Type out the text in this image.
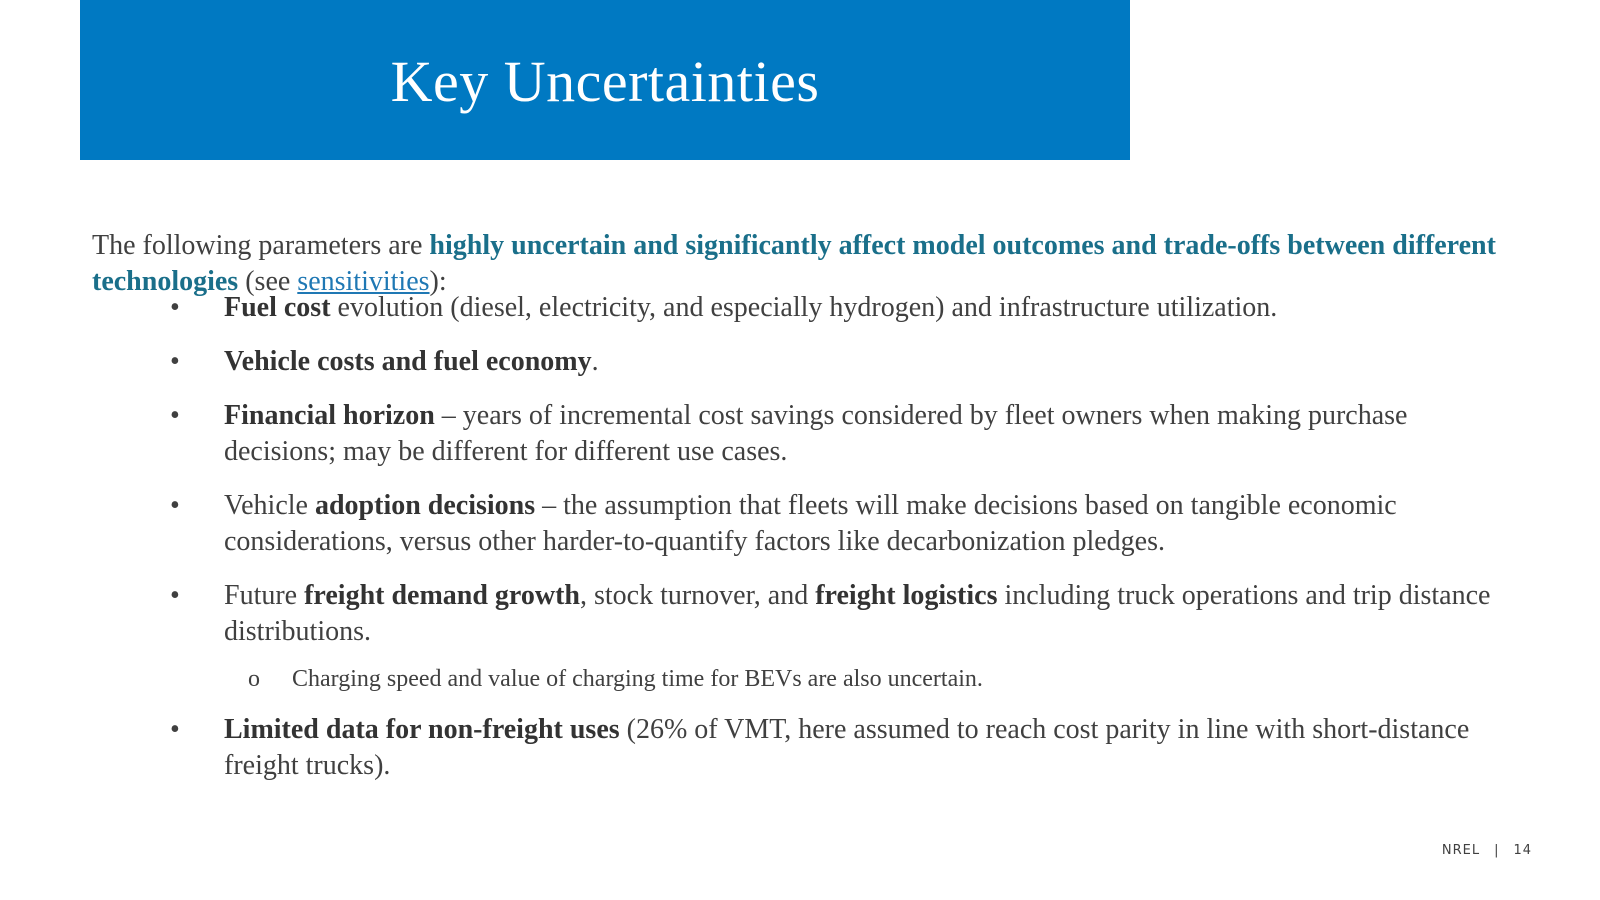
Key Uncertainties

The following parameters are highly uncertain and significantly affect model outcomes and trade-offs between different technologies (see sensitivities):

•	Fuel cost evolution (diesel, electricity, and especially hydrogen) and infrastructure utilization.
•	Vehicle costs and fuel economy.
•	Financial horizon – years of incremental cost savings considered by fleet owners when making purchase decisions; may be different for different use cases.
•	Vehicle adoption decisions – the assumption that fleets will make decisions based on tangible economic considerations, versus other harder-to-quantify factors like decarbonization pledges.
•	Future freight demand growth, stock turnover, and freight logistics including truck operations and trip distance distributions.
o Charging speed and value of charging time for BEVs are also uncertain.
•	Limited data for non-freight uses (26% of VMT, here assumed to reach cost parity in line with short-distance freight trucks).
NREL | 14
